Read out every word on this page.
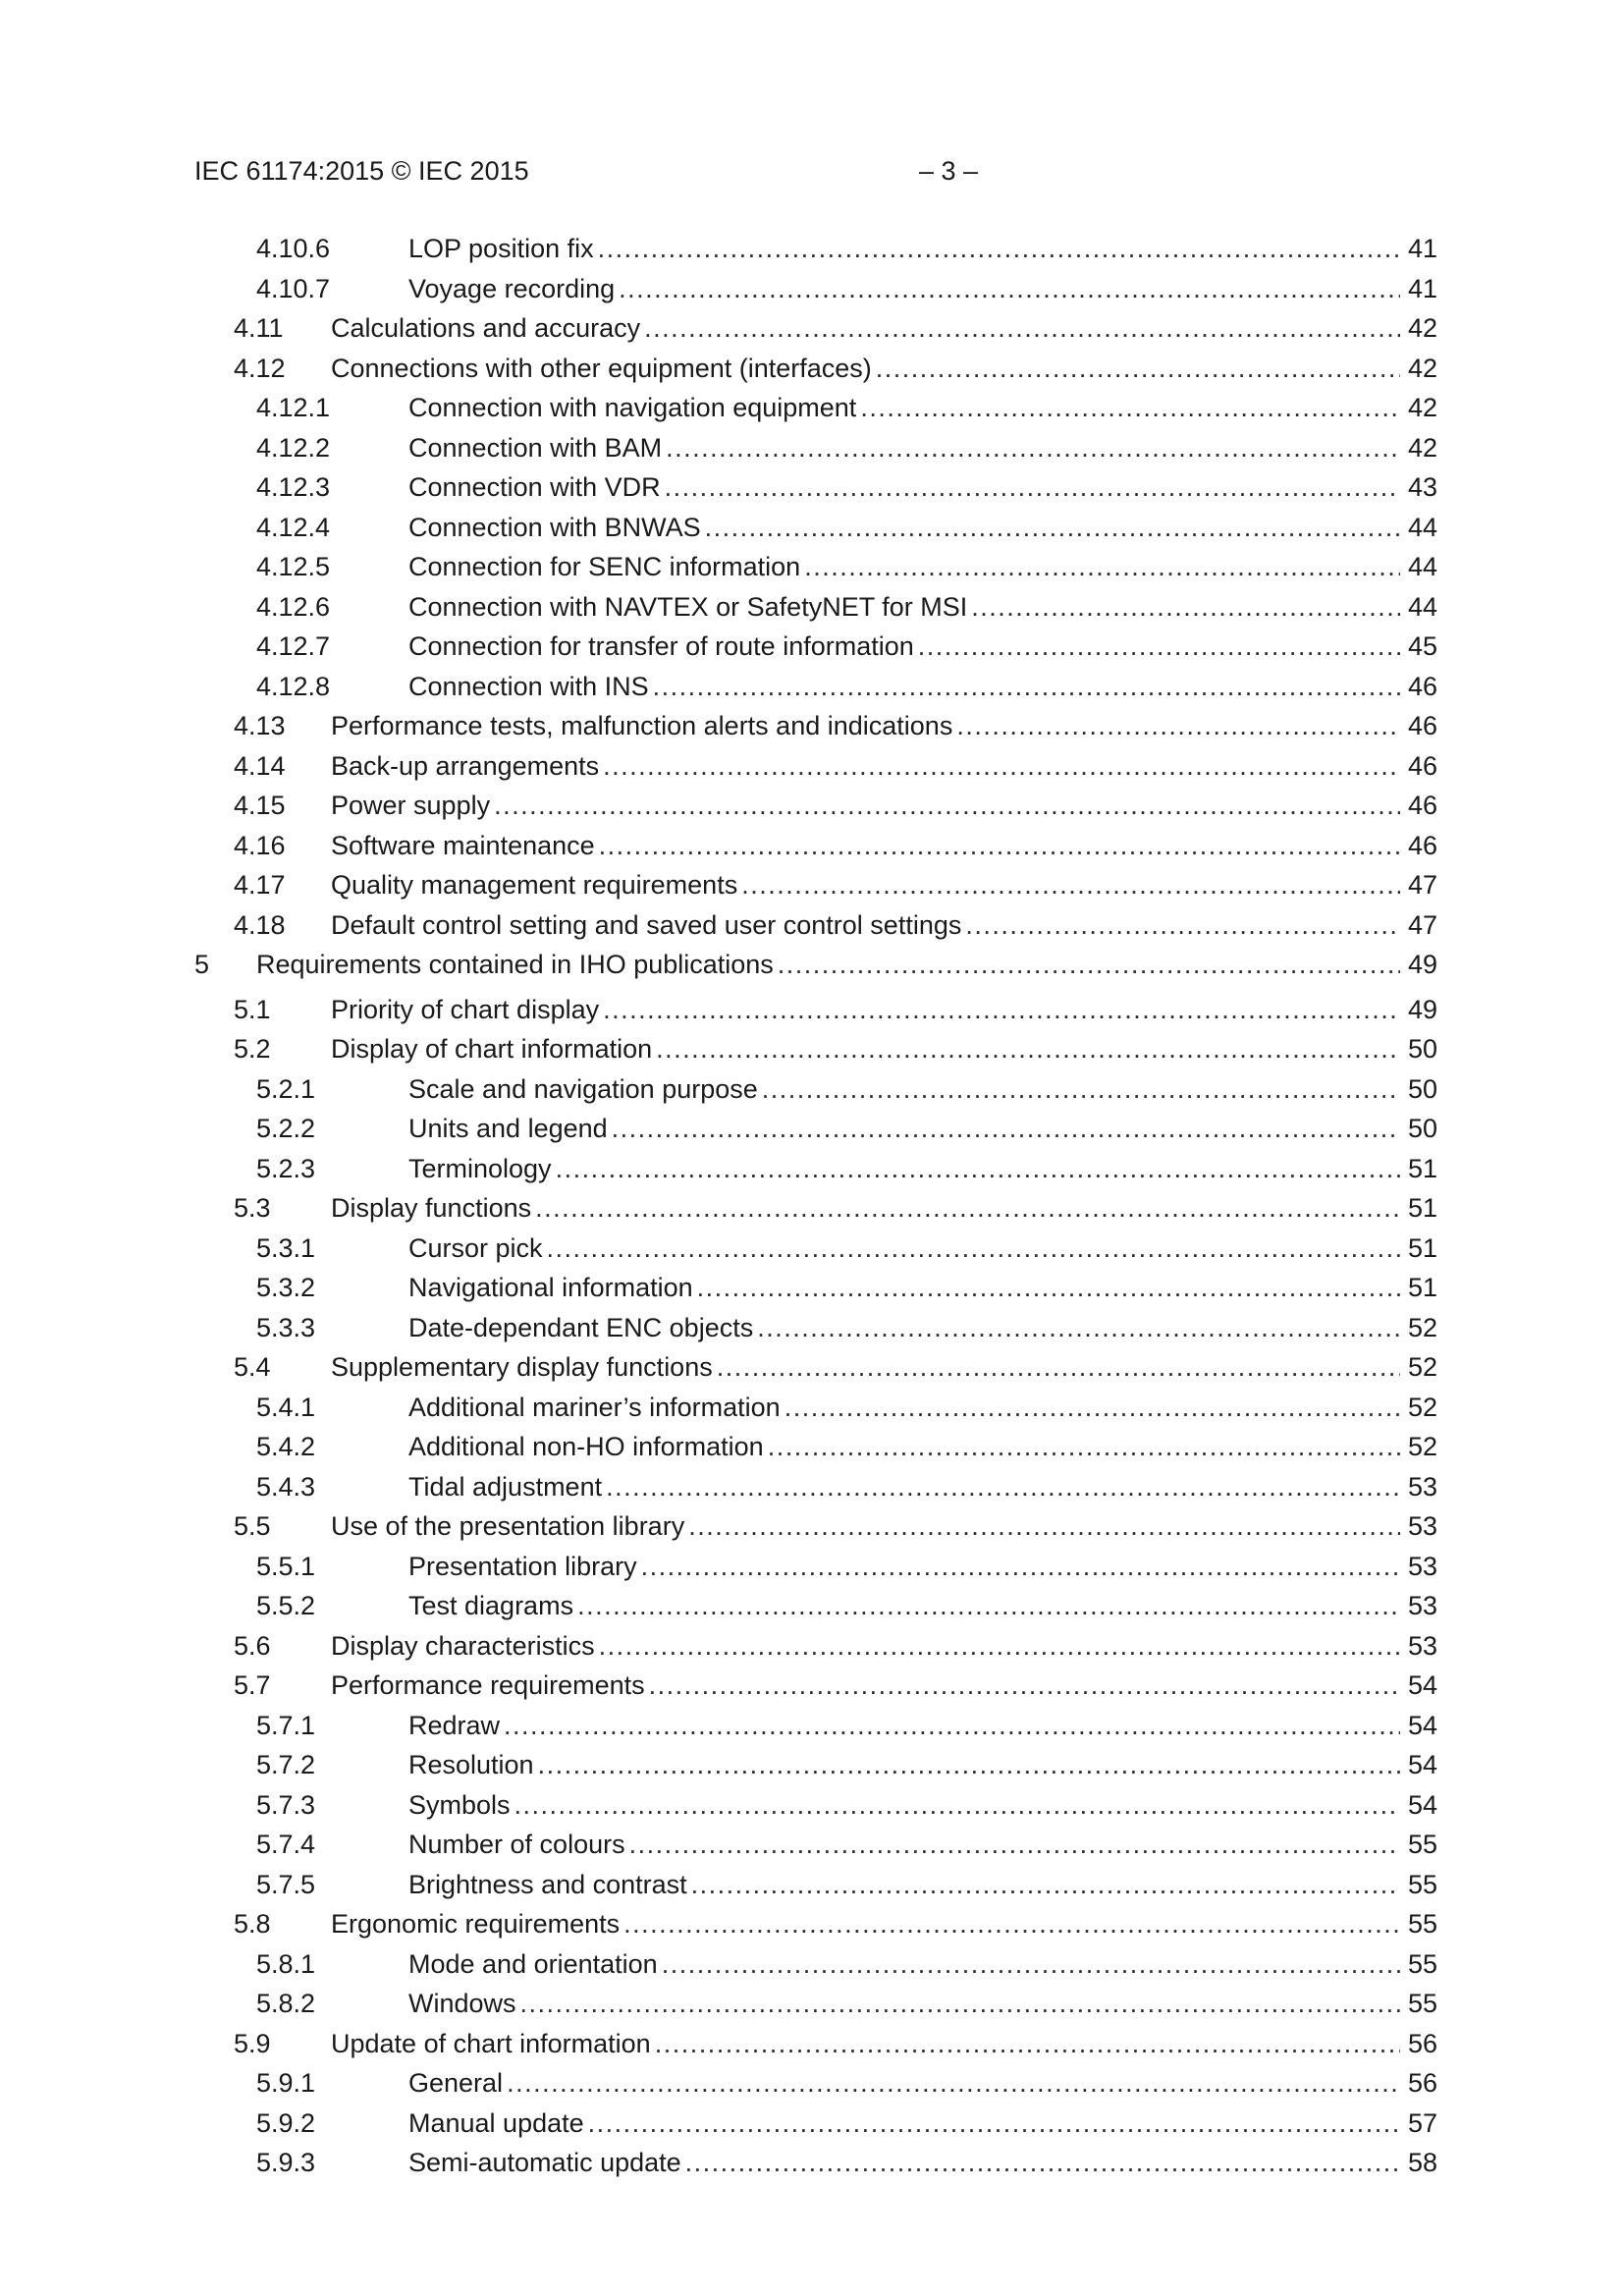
IEC 61174:2015 © IEC 2015	– 3 –
4.10.6	LOP position fix .....	41
4.10.7	Voyage recording .....	41
4.11 Calculations and accuracy .....	42
4.12 Connections with other equipment (interfaces) .....	42
4.12.1	Connection with navigation equipment .....	42
4.12.2	Connection with BAM .....	42
4.12.3	Connection with VDR .....	43
4.12.4	Connection with BNWAS .....	44
4.12.5	Connection for SENC information .....	44
4.12.6	Connection with NAVTEX or SafetyNET for MSI .....	44
4.12.7	Connection for transfer of route information .....	45
4.12.8	Connection with INS .....	46
4.13 Performance tests, malfunction alerts and indications .....	46
4.14 Back-up arrangements .....	46
4.15 Power supply .....	46
4.16 Software maintenance .....	46
4.17 Quality management requirements .....	47
4.18 Default control setting and saved user control settings .....	47
5 Requirements contained in IHO publications .....	49
5.1 Priority of chart display .....	49
5.2 Display of chart information .....	50
5.2.1	Scale and navigation purpose .....	50
5.2.2	Units and legend .....	50
5.2.3	Terminology .....	51
5.3 Display functions .....	51
5.3.1	Cursor pick .....	51
5.3.2	Navigational information .....	51
5.3.3	Date-dependant ENC objects .....	52
5.4 Supplementary display functions .....	52
5.4.1	Additional mariner’s information .....	52
5.4.2	Additional non-HO information .....	52
5.4.3	Tidal adjustment .....	53
5.5 Use of the presentation library .....	53
5.5.1	Presentation library .....	53
5.5.2	Test diagrams .....	53
5.6 Display characteristics .....	53
5.7 Performance requirements .....	54
5.7.1	Redraw .....	54
5.7.2	Resolution .....	54
5.7.3	Symbols .....	54
5.7.4	Number of colours .....	55
5.7.5	Brightness and contrast .....	55
5.8 Ergonomic requirements .....	55
5.8.1	Mode and orientation .....	55
5.8.2	Windows .....	55
5.9 Update of chart information .....	56
5.9.1	General .....	56
5.9.2	Manual update .....	57
5.9.3	Semi-automatic update .....	58
